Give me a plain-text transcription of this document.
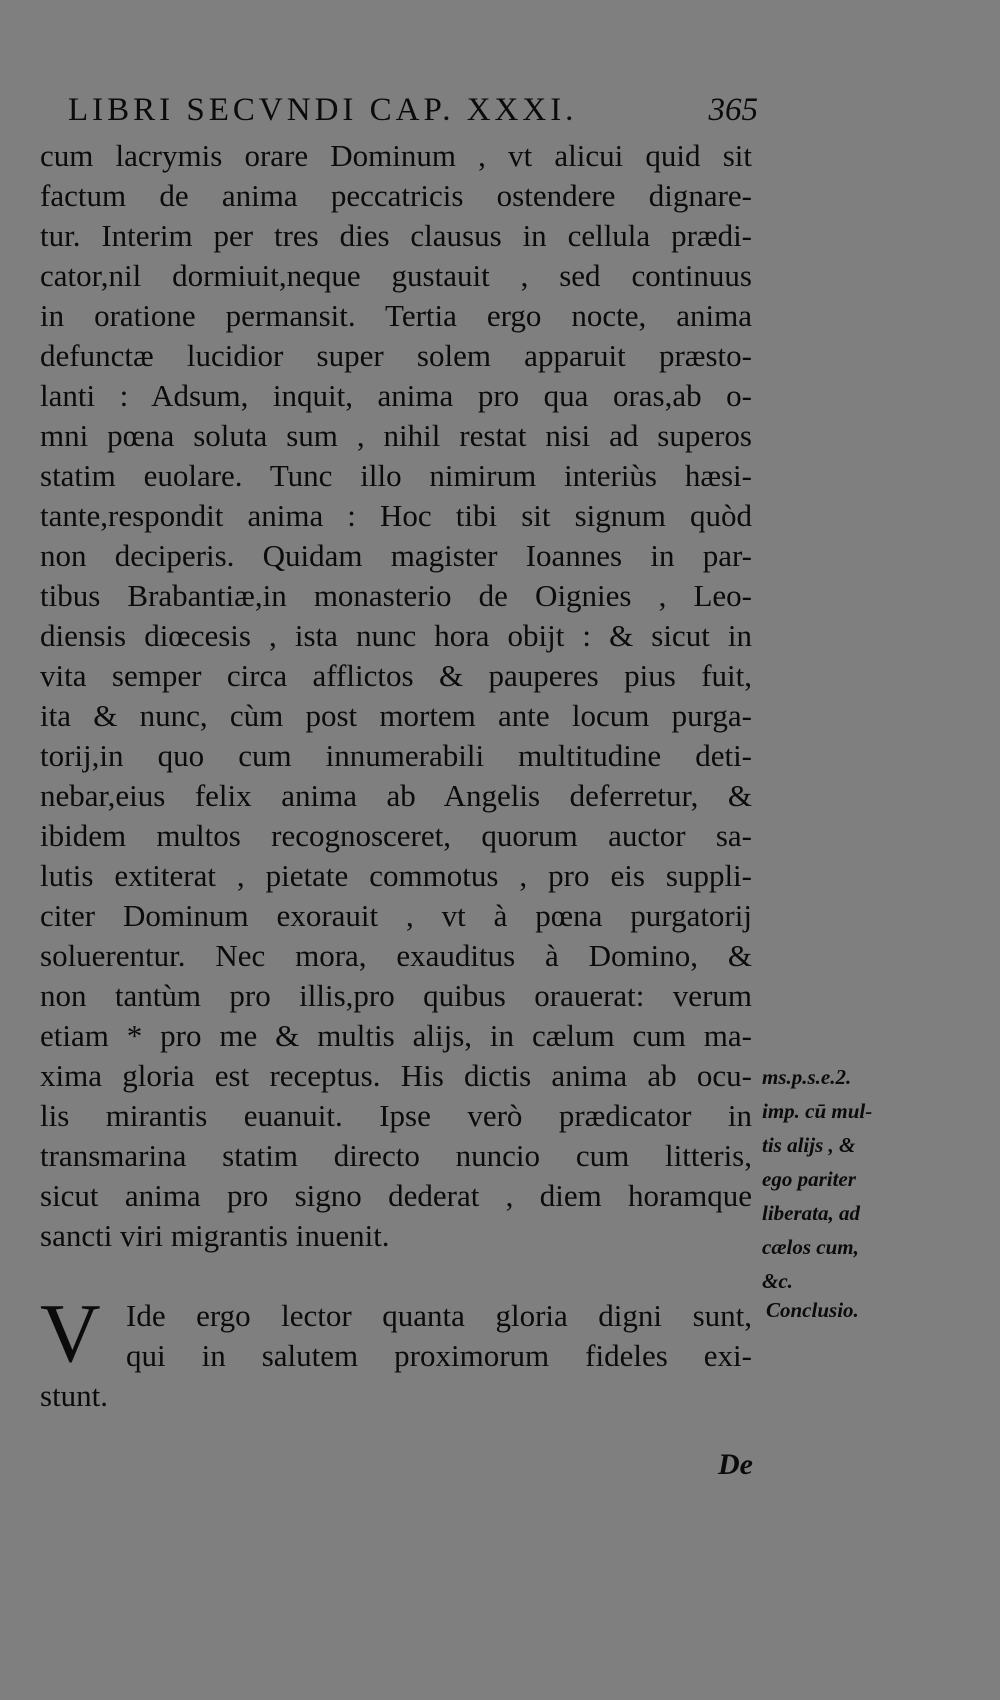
LIBRI SECVNDI CAP. XXXI.	365
cum lacrymis orare Dominum , vt alicui quid sit
factum de anima peccatricis ostendere dignare-
tur. Interim per tres dies clausus in cellula prædi-
cator,nil dormiuit,neque gustauit , sed continuus
in oratione permansit. Tertia ergo nocte, anima
defunctæ lucidior super solem apparuit præsto-
lanti : Adsum, inquit, anima pro qua oras,ab o-
mni pœna soluta sum , nihil restat nisi ad superos
statim euolare. Tunc illo nimirum interiùs hæsi-
tante,respondit anima : Hoc tibi sit signum quòd
non deciperis. Quidam magister Ioannes in par-
tibus Brabantiæ,in monasterio de Oignies , Leo-
diensis diœcesis , ista nunc hora obijt : & sicut in
vita semper circa afflictos & pauperes pius fuit,
ita & nunc, cùm post mortem ante locum purga-
torij,in quo cum innumerabili multitudine deti-
nebar,eius felix anima ab Angelis deferretur, &
ibidem multos recognosceret, quorum auctor sa-
lutis extiterat , pietate commotus , pro eis suppli-
citer Dominum exorauit , vt à pœna purgatorij
soluerentur. Nec mora, exauditus à Domino, &
non tantùm pro illis,pro quibus orauerat: verum
etiam * pro me & multis alijs, in cælum cum ma-
xima gloria est receptus. His dictis anima ab ocu-
lis mirantis euanuit. Ipse verò prædicator in
transmarina statim directo nuncio cum litteris,
sicut anima pro signo dederat , diem horamque
sancti viri migrantis inuenit.
ms.p.s.e.2.
imp. cū mul-
tis alijs , &
ego pariter
liberata, ad
cælos cum,
&c.
Conclusio.
V Ide ergo lector quanta gloria digni sunt,
qui in salutem proximorum fideles exi-
stunt.
De
